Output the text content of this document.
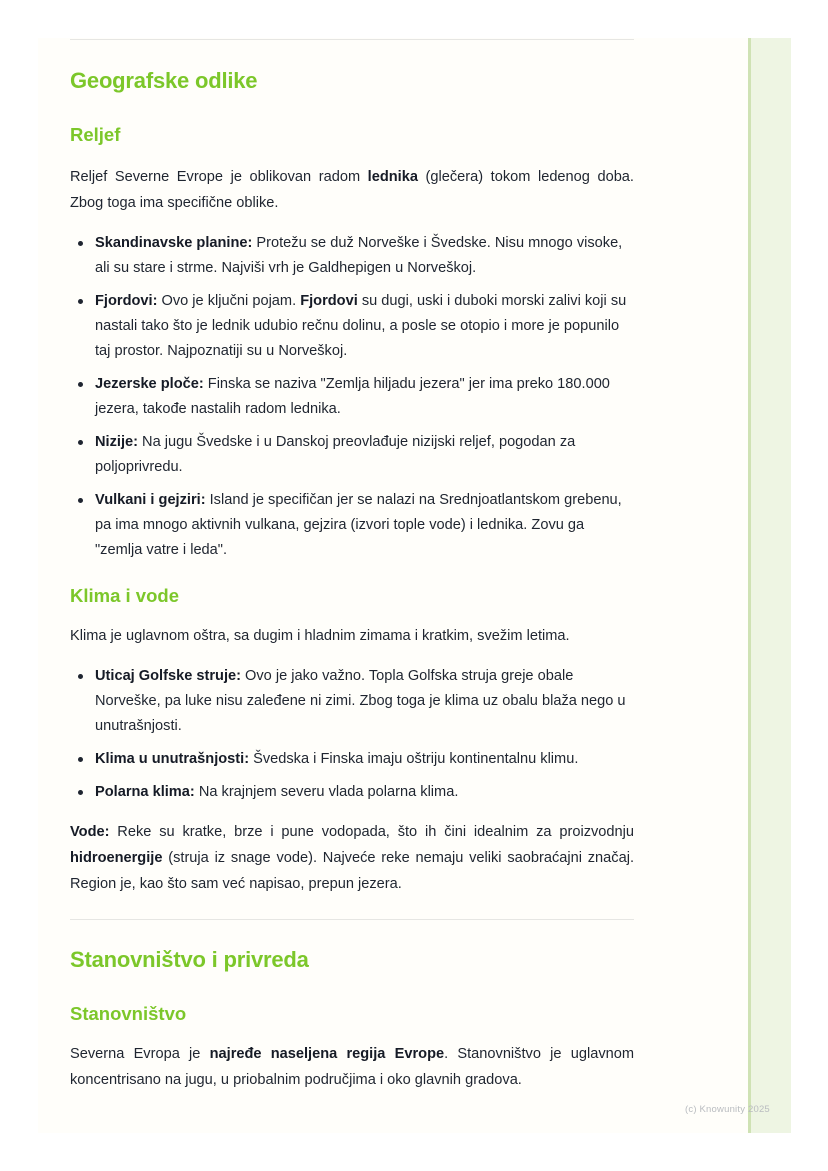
Geografske odlike
Reljef

Reljef Severne Evrope je oblikovan radom lednika (glečera) tokom ledenog doba. Zbog toga ima specifične oblike.

Skandinavske planine: Protežu se duž Norveške i Švedske. Nisu mnogo visoke, ali su stare i strme. Najviši vrh je Galdhepigen u Norveškoj.
Fjordovi: Ovo je ključni pojam. Fjordovi su dugi, uski i duboki morski zalivi koji su nastali tako što je lednik udubio rečnu dolinu, a posle se otopio i more je popunilo taj prostor. Najpoznatiji su u Norveškoj.
Jezerske ploče: Finska se naziva "Zemlja hiljadu jezera" jer ima preko 180.000 jezera, takođe nastalih radom lednika.
Nizije: Na jugu Švedske i u Danskoj preovlađuje nizijski reljef, pogodan za poljoprivredu.
Vulkani i gejziri: Island je specifičan jer se nalazi na Srednjoatlantskom grebenu, pa ima mnogo aktivnih vulkana, gejzira (izvori tople vode) i lednika. Zovu ga "zemlja vatre i leda".
Klima i vode

Klima je uglavnom oštra, sa dugim i hladnim zimama i kratkim, svežim letima.

Uticaj Golfske struje: Ovo je jako važno. Topla Golfska struja greje obale Norveške, pa luke nisu zaleđene ni zimi. Zbog toga je klima uz obalu blaža nego u unutrašnjosti.
Klima u unutrašnjosti: Švedska i Finska imaju oštriju kontinentalnu klimu.
Polarna klima: Na krajnjem severu vlada polarna klima.

Vode: Reke su kratke, brze i pune vodopada, što ih čini idealnim za proizvodnju hidroenergije (struja iz snage vode). Najveće reke nemaju veliki saobraćajni značaj. Region je, kao što sam već napisao, prepun jezera.

Stanovništvo i privreda
Stanovništvo

Severna Evropa je najređe naseljena regija Evrope. Stanovništvo je uglavnom koncentrisano na jugu, u priobalnim područjima i oko glavnih gradova.

(c) Knowunity 2025
